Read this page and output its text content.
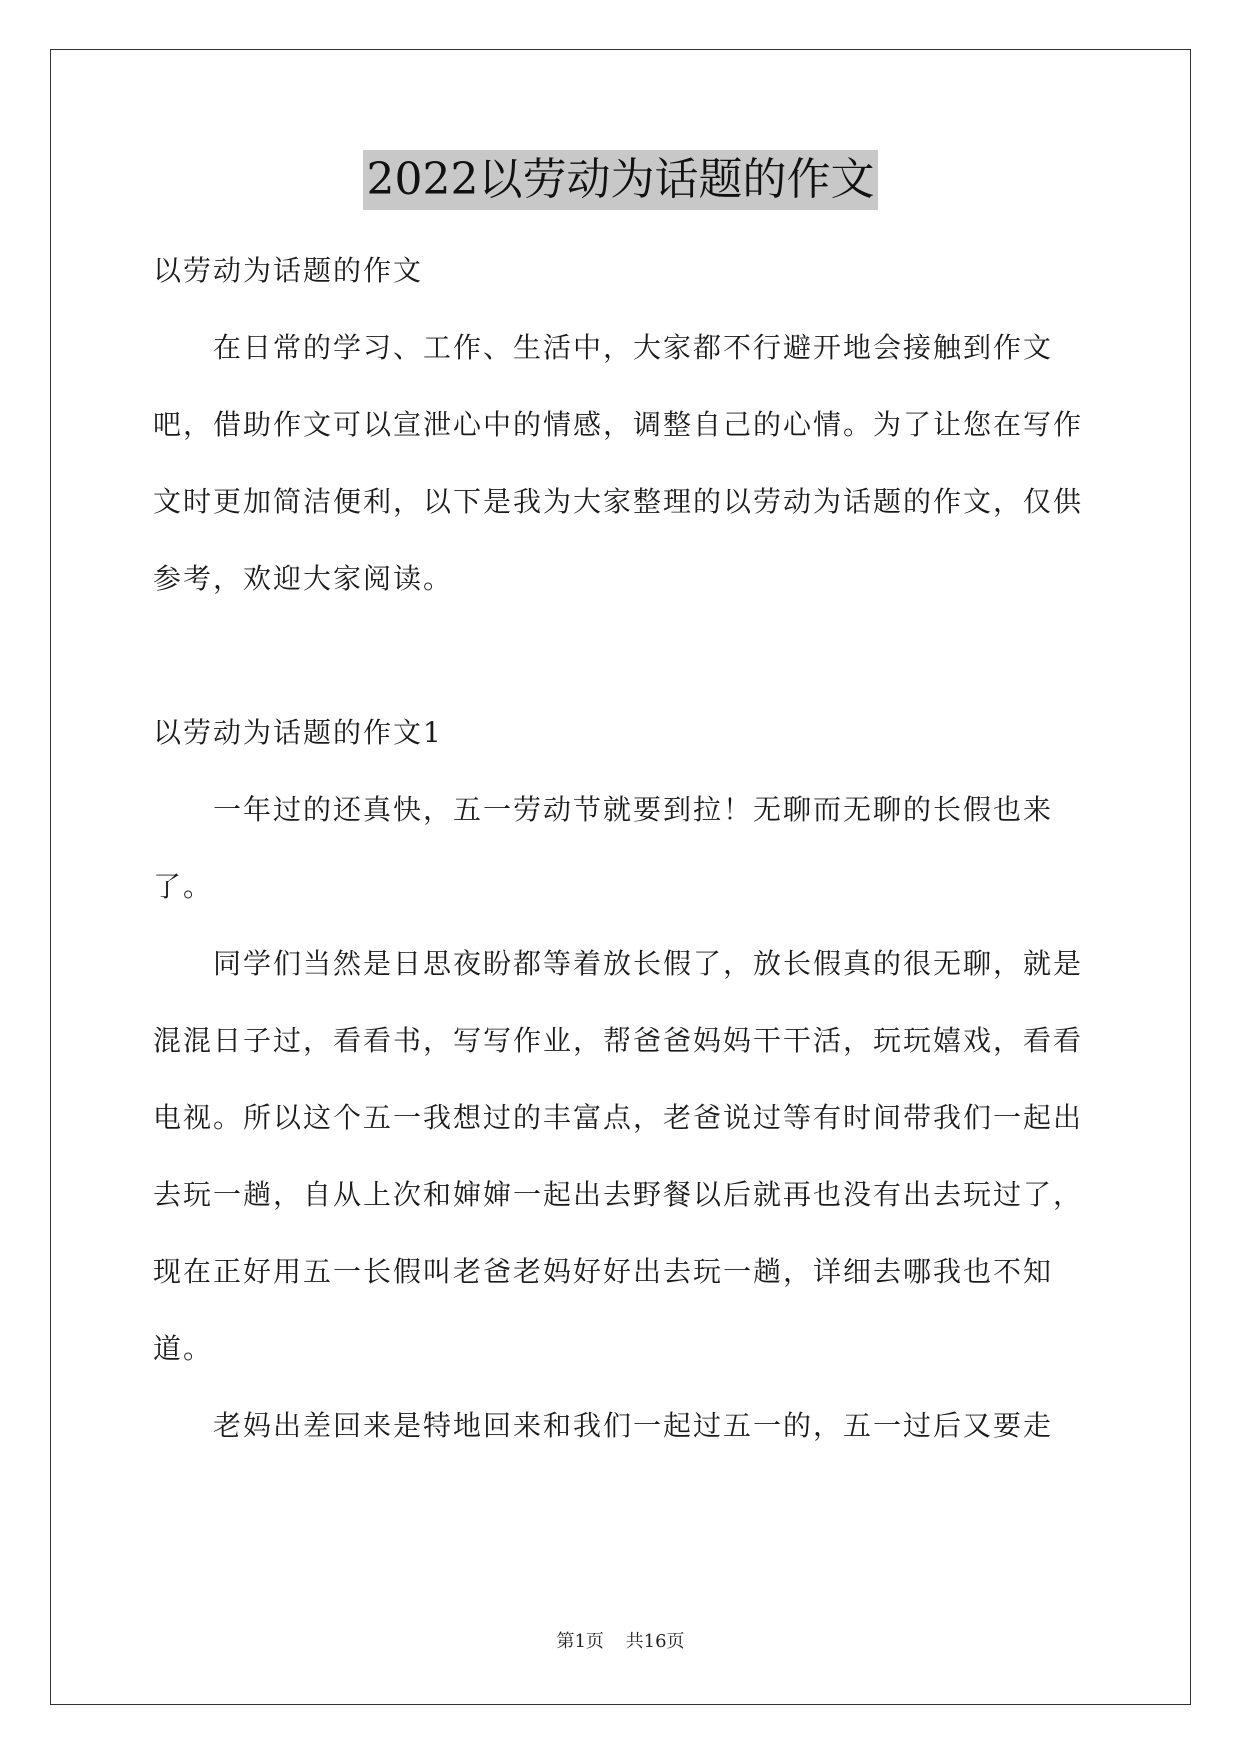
2022以劳动为话题的作文

以劳动为话题的作文

在日常的学习、工作、生活中，大家都不行避开地会接触到作文吧，借助作文可以宣泄心中的情感，调整自己的心情。为了让您在写作文时更加简洁便利，以下是我为大家整理的以劳动为话题的作文，仅供参考，欢迎大家阅读。

以劳动为话题的作文1

一年过的还真快，五一劳动节就要到拉！无聊而无聊的长假也来了。

同学们当然是日思夜盼都等着放长假了，放长假真的很无聊，就是混混日子过，看看书，写写作业，帮爸爸妈妈干干活，玩玩嬉戏，看看电视。所以这个五一我想过的丰富点，老爸说过等有时间带我们一起出去玩一趟，自从上次和婶婶一起出去野餐以后就再也没有出去玩过了，现在正好用五一长假叫老爸老妈好好出去玩一趟，详细去哪我也不知道。

老妈出差回来是特地回来和我们一起过五一的，五一过后又要走

第1页 共16页
